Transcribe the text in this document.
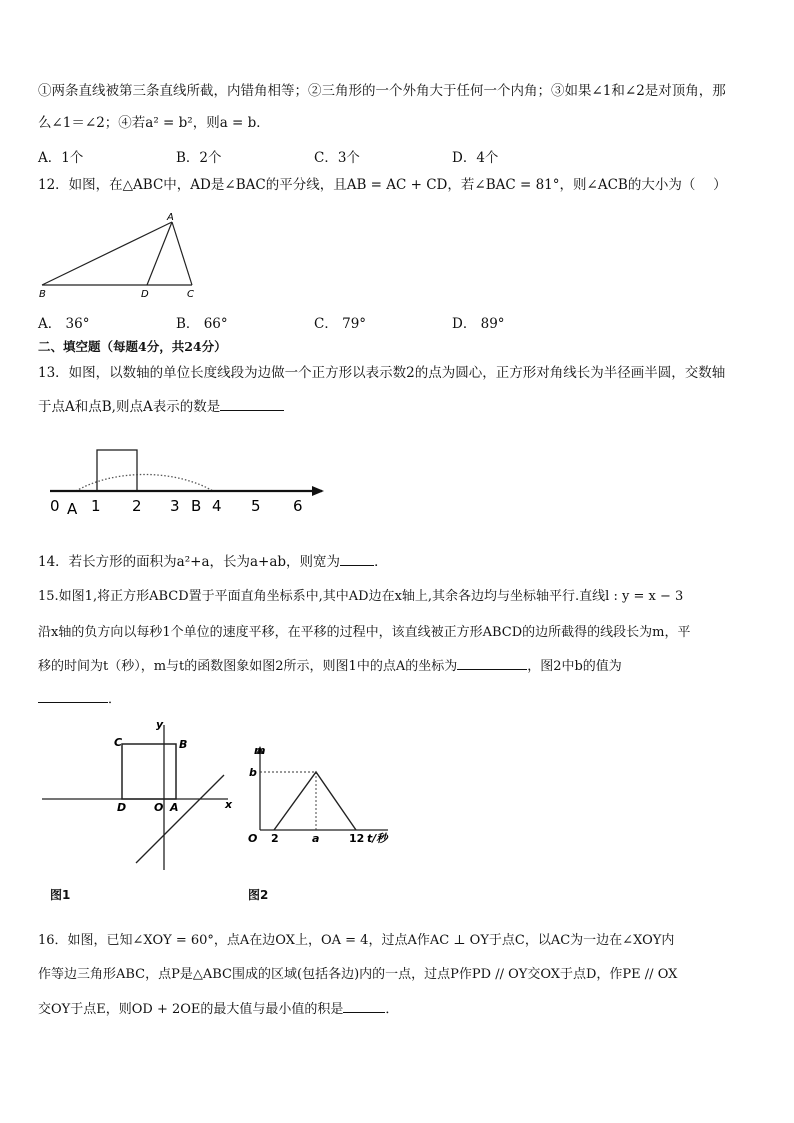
①两条直线被第三条直线所截，内错角相等；②三角形的一个外角大于任何一个内角；③如果∠1和∠2是对顶角，那
么∠1＝∠2；④若a² = b²，则a = b．
A．1个	B．2个	C．3个	D．4个
12．如图，在△ABC中，AD是∠BAC的平分线，且AB = AC + CD，若∠BAC = 81°，则∠ACB的大小为（　 ）
A
B	D	C
A． 36°	B． 66°	C． 79°	D． 89°
二、填空题（每题4分，共24分）
13．如图，以数轴的单位长度线段为边做一个正方形以表示数2的点为圆心，正方形对角线长为半径画半圆，交数轴
于点A和点B,则点A表示的数是
0 A 1 2 3 B 4 5 6
14．若长方形的面积为a²+a，长为a+ab，则宽为	．
15.如图1,将正方形ABCD置于平面直角坐标系中,其中AD边在x轴上,其余各边均与坐标轴平行.直线l : y = x − 3
沿x轴的负方向以每秒1个单位的速度平移，在平移的过程中，该直线被正方形ABCD的边所截得的线段长为m，平
移的时间为t（秒），m与t的函数图象如图2所示，则图1中的点A的坐标为	，图2中b的值为
．
C	B
y
x
D	O A
图1
m
b
O 2	a	12 t/秒
图2
16．如图，已知∠XOY = 60°，点A在边OX上，OA = 4，过点A作AC ⊥ OY于点C，以AC为一边在∠XOY内
作等边三角形ABC，点P是△ABC围成的区域(包括各边)内的一点，过点P作PD // OY交OX于点D，作PE // OX
交OY于点E，则OD + 2OE的最大值与最小值的积是	．
